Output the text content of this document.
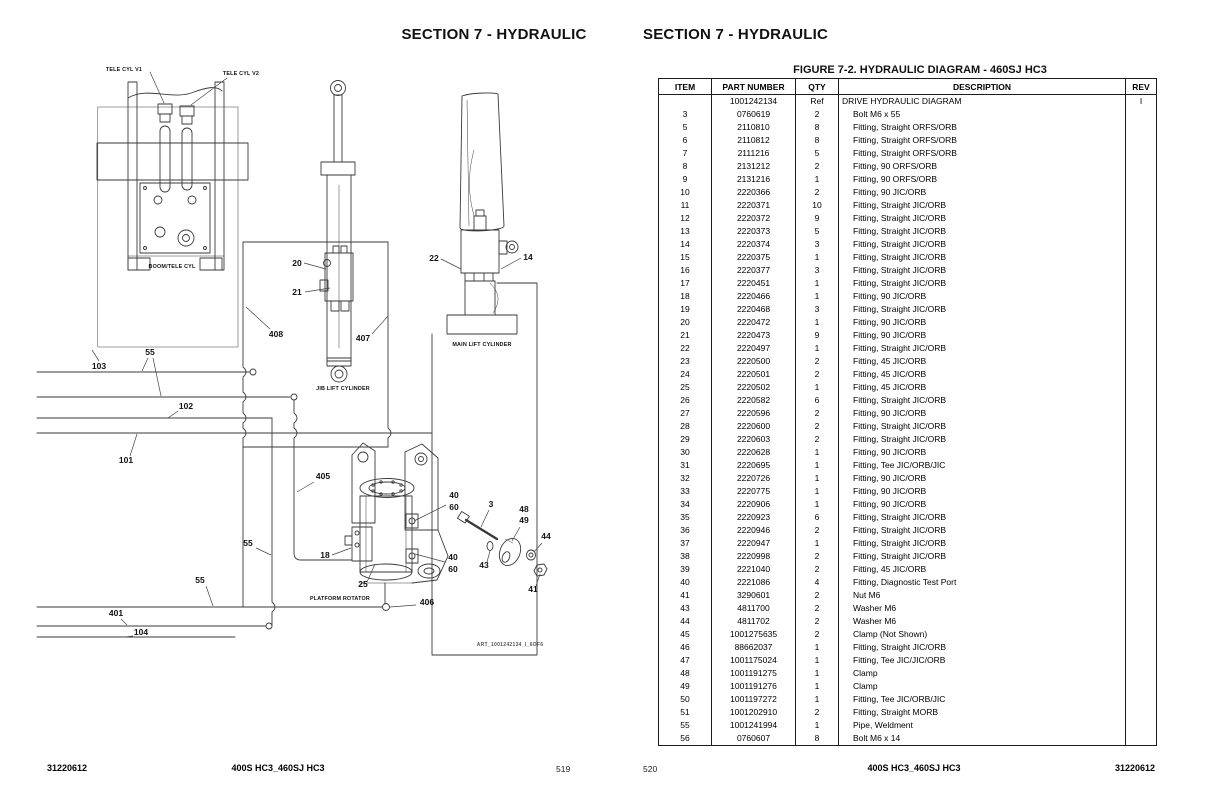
SECTION 7 - HYDRAULIC
TELE CYL V1
TELE CYL V2
BOOM/TELE CYL
JIB LIFT CYLINDER
MAIN LIFT CYLINDER
PLATFORM ROTATOR
20
21
408	407
22	14
103
55
102
101
55
55
401
104
405
18
25
40
60
40
60
406
3	48
49
43
44
41
ART_1001242134_I_6OF6
31220612	400S HC3_460SJ HC3	519
SECTION 7 - HYDRAULIC
FIGURE 7-2. HYDRAULIC DIAGRAM - 460SJ HC3
ITEM	PART NUMBER	QTY	DESCRIPTION	REV
	1001242134	Ref	DRIVE HYDRAULIC DIAGRAM	I
3	0760619	2	Bolt M6 x 55	
5	2110810	8	Fitting, Straight ORFS/ORB	
6	2110812	8	Fitting, Straight ORFS/ORB	
7	2111216	5	Fitting, Straight ORFS/ORB	
8	2131212	2	Fitting, 90 ORFS/ORB	
9	2131216	1	Fitting, 90 ORFS/ORB	
10	2220366	2	Fitting, 90 JIC/ORB	
11	2220371	10	Fitting, Straight JIC/ORB	
12	2220372	9	Fitting, Straight JIC/ORB	
13	2220373	5	Fitting, Straight JIC/ORB	
14	2220374	3	Fitting, Straight JIC/ORB	
15	2220375	1	Fitting, Straight JIC/ORB	
16	2220377	3	Fitting, Straight JIC/ORB	
17	2220451	1	Fitting, Straight JIC/ORB	
18	2220466	1	Fitting, 90 JIC/ORB	
19	2220468	3	Fitting, Straight JIC/ORB	
20	2220472	1	Fitting, 90 JIC/ORB	
21	2220473	9	Fitting, 90 JIC/ORB	
22	2220497	1	Fitting, Straight JIC/ORB	
23	2220500	2	Fitting, 45 JIC/ORB	
24	2220501	2	Fitting, 45 JIC/ORB	
25	2220502	1	Fitting, 45 JIC/ORB	
26	2220582	6	Fitting, Straight JIC/ORB	
27	2220596	2	Fitting, 90 JIC/ORB	
28	2220600	2	Fitting, Straight JIC/ORB	
29	2220603	2	Fitting, Straight JIC/ORB	
30	2220628	1	Fitting, 90 JIC/ORB	
31	2220695	1	Fitting, Tee JIC/ORB/JIC	
32	2220726	1	Fitting, 90 JIC/ORB	
33	2220775	1	Fitting, 90 JIC/ORB	
34	2220906	1	Fitting, 90 JIC/ORB	
35	2220923	6	Fitting, Straight JIC/ORB	
36	2220946	2	Fitting, Straight JIC/ORB	
37	2220947	1	Fitting, Straight JIC/ORB	
38	2220998	2	Fitting, Straight JIC/ORB	
39	2221040	2	Fitting, 45 JIC/ORB	
40	2221086	4	Fitting, Diagnostic Test Port	
41	3290601	2	Nut M6	
43	4811700	2	Washer M6	
44	4811702	2	Washer M6	
45	1001275635	2	Clamp (Not Shown)	
46	88662037	1	Fitting, Straight JIC/ORB	
47	1001175024	1	Fitting, Tee JIC/JIC/ORB	
48	1001191275	1	Clamp	
49	1001191276	1	Clamp	
50	1001197272	1	Fitting, Tee JIC/ORB/JIC	
51	1001202910	2	Fitting, Straight MORB	
55	1001241994	1	Pipe, Weldment	
56	0760607	8	Bolt M6 x 14	
520	400S HC3_460SJ HC3	31220612
